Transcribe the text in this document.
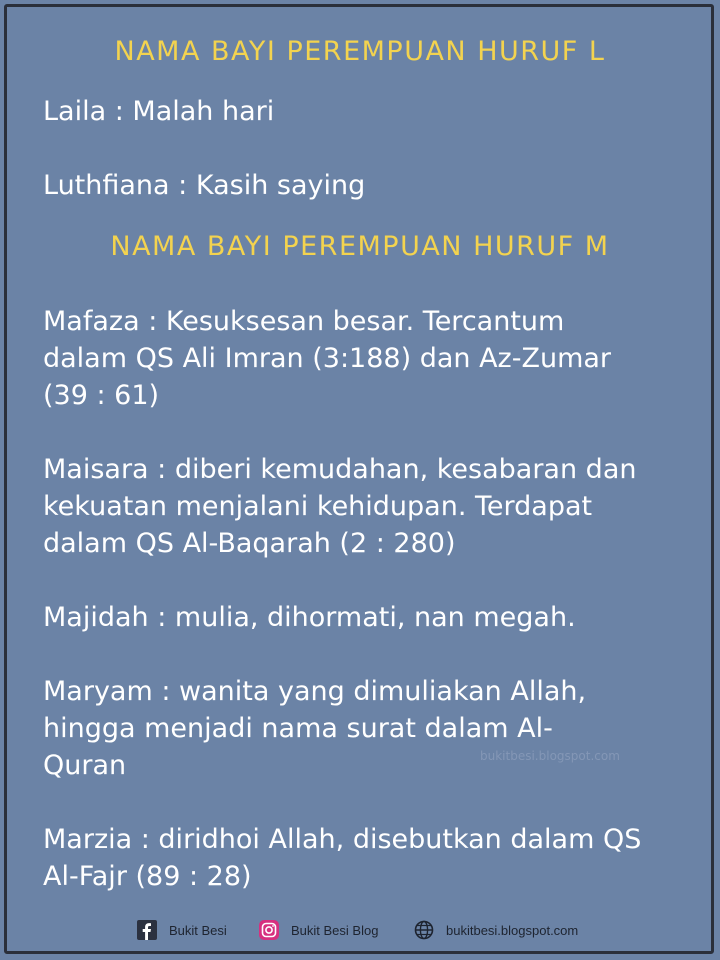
NAMA BAYI PEREMPUAN HURUF L

Laila : Malah hari

Luthfiana : Kasih saying

NAMA BAYI PEREMPUAN HURUF M

Mafaza : Kesuksesan besar. Tercantum

dalam QS Ali Imran (3:188) dan Az-Zumar

(39 : 61)

Maisara : diberi kemudahan, kesabaran dan

kekuatan menjalani kehidupan. Terdapat

dalam QS Al-Baqarah (2 : 280)

Majidah : mulia, dihormati, nan megah.

Maryam : wanita yang dimuliakan Allah,

hingga menjadi nama surat dalam Al-

Quran	bukitbesi.blogspot.com

Marzia : diridhoi Allah, disebutkan dalam QS

Al-Fajr (89 : 28)

Bukit Besi	Bukit Besi Blog	bukitbesi.blogspot.com
